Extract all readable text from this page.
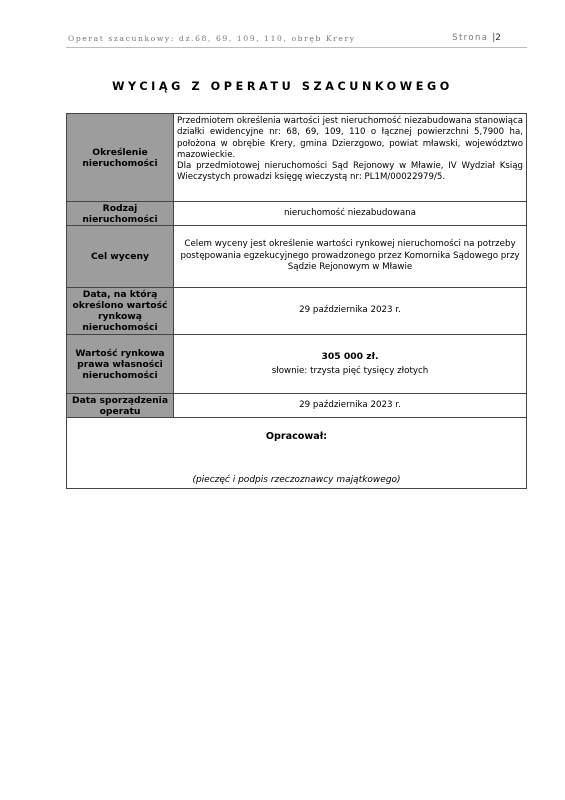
Operat szacunkowy: dz.68, 69, 109, 110, obręb Krery	Strona |2
WYCIĄG Z OPERATU SZACUNKOWEGO
Określenie nieruchomości	Przedmiotem określenia wartości jest nieruchomość niezabudowana stanowiąca działki ewidencyjne nr: 68, 69, 109, 110 o łącznej powierzchni 5,7900 ha, położona w obrębie Krery, gmina Dzierzgowo, powiat mławski, województwo mazowieckie.

Dla przedmiotowej nieruchomości Sąd Rejonowy w Mławie, IV Wydział Ksiąg Wieczystych prowadzi księgę wieczystą nr: PL1M/00022979/5.

Rodzaj nieruchomości	nieruchomość niezabudowana
Cel wyceny	Celem wyceny jest określenie wartości rynkowej nieruchomości na potrzeby postępowania egzekucyjnego prowadzonego przez Komornika Sądowego przy Sądzie Rejonowym w Mławie
Data, na którą określono wartość rynkową nieruchomości	29 października 2023 r.
Wartość rynkowa prawa własności nieruchomości	305 000 zł.
słownie: trzysta pięć tysięcy złotych
Data sporządzenia operatu	29 października 2023 r.

Opracował:
(pieczęć i podpis rzeczoznawcy majątkowego)	
